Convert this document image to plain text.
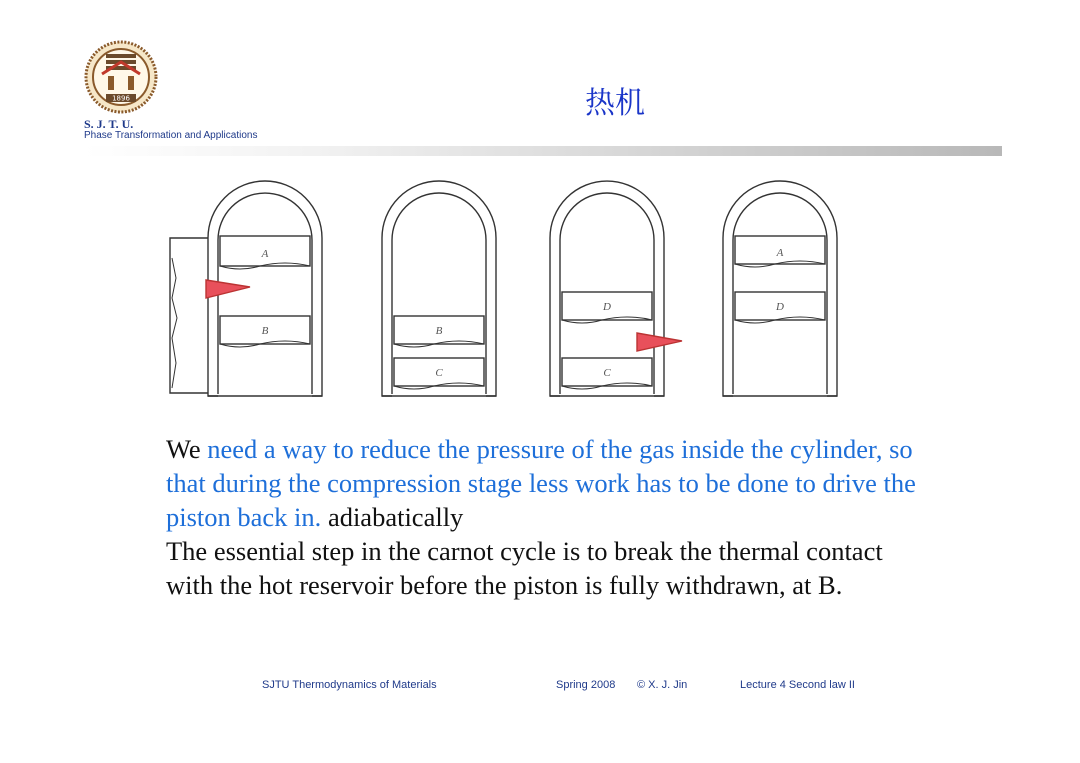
1896
S. J. T. U.
Phase Transformation and Applications
热机
A
B	B
C
D
C
A
D
We need a way to reduce the pressure of the gas inside the cylinder, so that during the compression stage less work has to be done to drive the piston back in. adiabatically
The essential step in the carnot cycle is to break the thermal contact with the hot reservoir before the piston is fully withdrawn, at B.
SJTU Thermodynamics of Materials	Spring 2008 © X. J. Jin	Lecture 4 Second law II
